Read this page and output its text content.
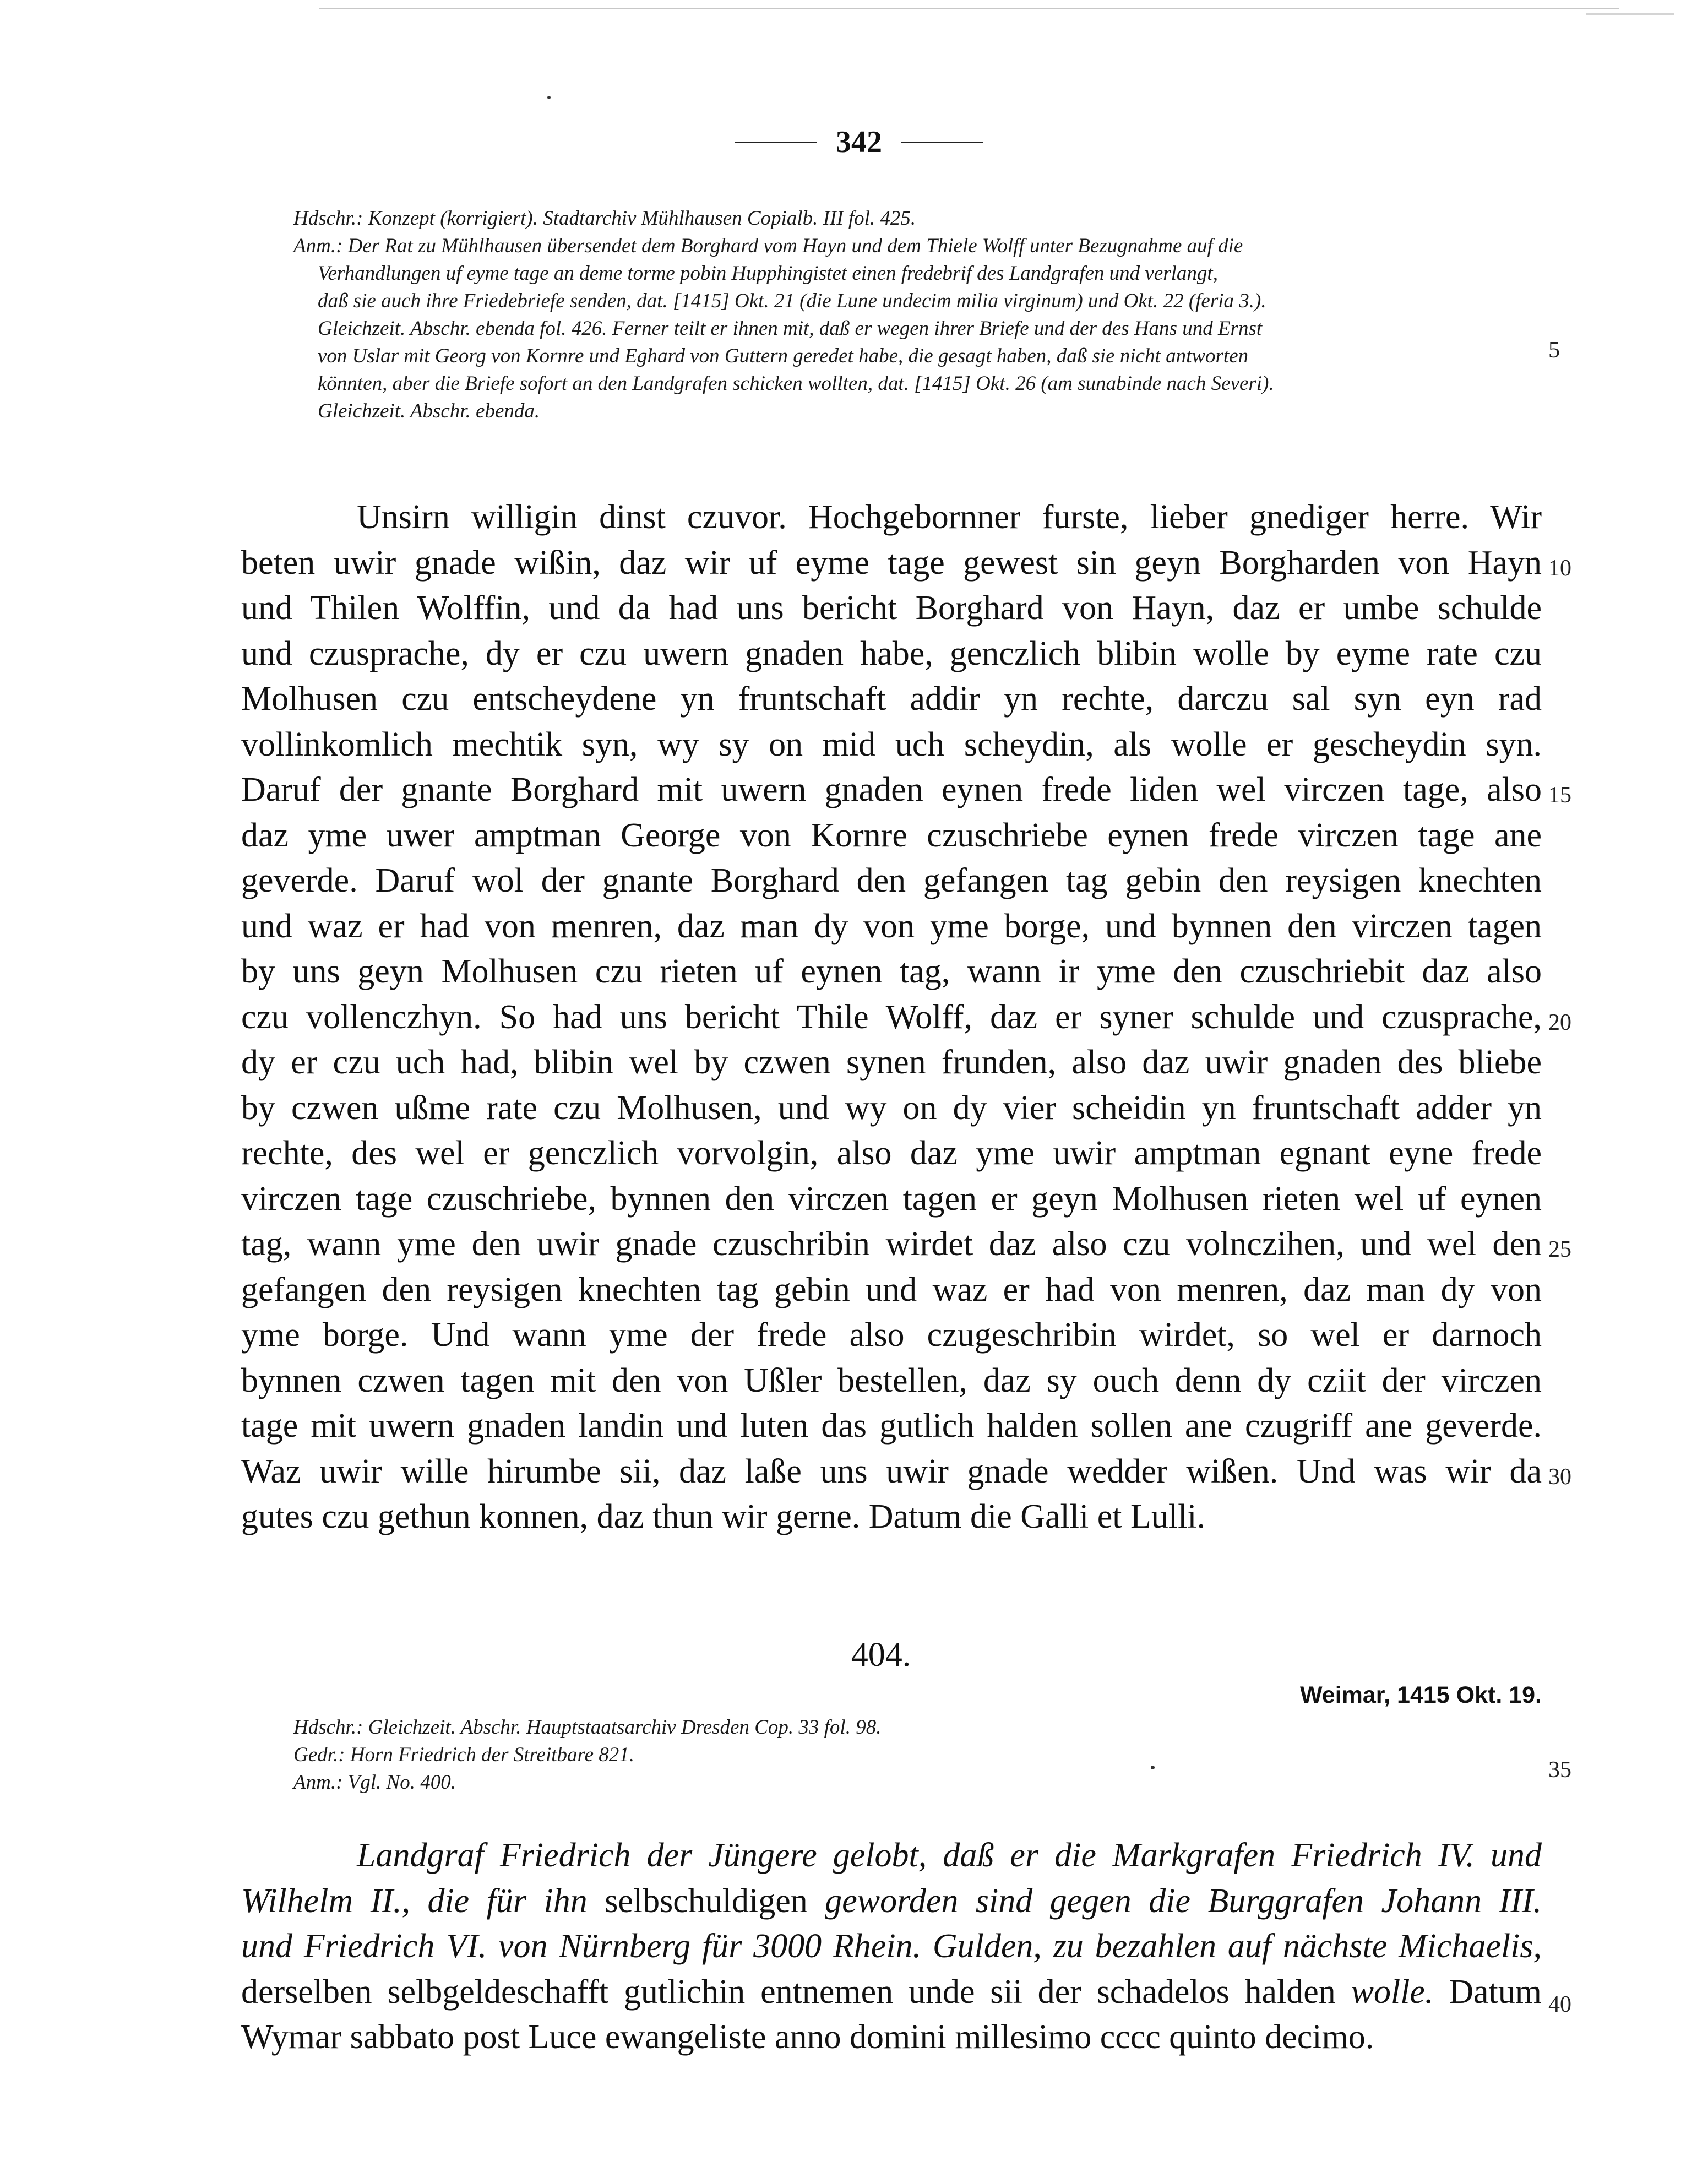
342
Hdschr.: Konzept (korrigiert). Stadtarchiv Mühlhausen Copialb. III fol. 425.
Anm.: Der Rat zu Mühlhausen übersendet dem Borghard vom Hayn und dem Thiele Wolff unter Bezugnahme auf die
Verhandlungen uf eyme tage an deme torme pobin Hupphingistet einen fredebrif des Landgrafen und verlangt,
daß sie auch ihre Friedebriefe senden, dat. [1415] Okt. 21 (die Lune undecim milia virginum) und Okt. 22 (feria 3.).
Gleichzeit. Abschr. ebenda fol. 426. Ferner teilt er ihnen mit, daß er wegen ihrer Briefe und der des Hans und Ernst
von Uslar mit Georg von Kornre und Eghard von Guttern geredet habe, die gesagt haben, daß sie nicht antworten
könnten, aber die Briefe sofort an den Landgrafen schicken wollten, dat. [1415] Okt. 26 (am sunabinde nach Severi).
Gleichzeit. Abschr. ebenda.
Unsirn willigin dinst czuvor. Hochgebornner furste, lieber gnediger herre. Wir
beten uwir gnade wißin, daz wir uf eyme tage gewest sin geyn Borgharden von Hayn
und Thilen Wolffin, und da had uns bericht Borghard von Hayn, daz er umbe schulde
und czusprache, dy er czu uwern gnaden habe, genczlich blibin wolle by eyme rate czu
Molhusen czu entscheydene yn fruntschaft addir yn rechte, darczu sal syn eyn rad
vollinkomlich mechtik syn, wy sy on mid uch scheydin, als wolle er gescheydin syn.
Daruf der gnante Borghard mit uwern gnaden eynen frede liden wel virczen tage, also
daz yme uwer amptman George von Kornre czuschriebe eynen frede virczen tage ane
geverde. Daruf wol der gnante Borghard den gefangen tag gebin den reysigen knechten
und waz er had von menren, daz man dy von yme borge, und bynnen den virczen tagen
by uns geyn Molhusen czu rieten uf eynen tag, wann ir yme den czuschriebit daz also
czu vollenczhyn. So had uns bericht Thile Wolff, daz er syner schulde und czusprache,
dy er czu uch had, blibin wel by czwen synen frunden, also daz uwir gnaden des bliebe
by czwen ußme rate czu Molhusen, und wy on dy vier scheidin yn fruntschaft adder yn
rechte, des wel er genczlich vorvolgin, also daz yme uwir amptman egnant eyne frede
virczen tage czuschriebe, bynnen den virczen tagen er geyn Molhusen rieten wel uf eynen
tag, wann yme den uwir gnade czuschribin wirdet daz also czu volnczihen, und wel den
gefangen den reysigen knechten tag gebin und waz er had von menren, daz man dy von
yme borge. Und wann yme der frede also czugeschribin wirdet, so wel er darnoch
bynnen czwen tagen mit den von Ußler bestellen, daz sy ouch denn dy cziit der virczen
tage mit uwern gnaden landin und luten das gutlich halden sollen ane czugriff ane geverde.
Waz uwir wille hirumbe sii, daz laße uns uwir gnade wedder wißen. Und was wir da
gutes czu gethun konnen, daz thun wir gerne. Datum die Galli et Lulli.
404.
Weimar, 1415 Okt. 19.
Hdschr.: Gleichzeit. Abschr. Hauptstaatsarchiv Dresden Cop. 33 fol. 98.
Gedr.: Horn Friedrich der Streitbare 821.
Anm.: Vgl. No. 400.
Landgraf Friedrich der Jüngere gelobt, daß er die Markgrafen Friedrich IV. und
Wilhelm II., die für ihn selbschuldigen geworden sind gegen die Burggrafen Johann III.
und Friedrich VI. von Nürnberg für 3000 Rhein. Gulden, zu bezahlen auf nächste Michaelis,
derselben selbgeldeschafft gutlichin entnemen unde sii der schadelos halden wolle. Datum
Wymar sabbato post Luce ewangeliste anno domini millesimo cccc quinto decimo.
5
10
15
20
25
30
35
40
